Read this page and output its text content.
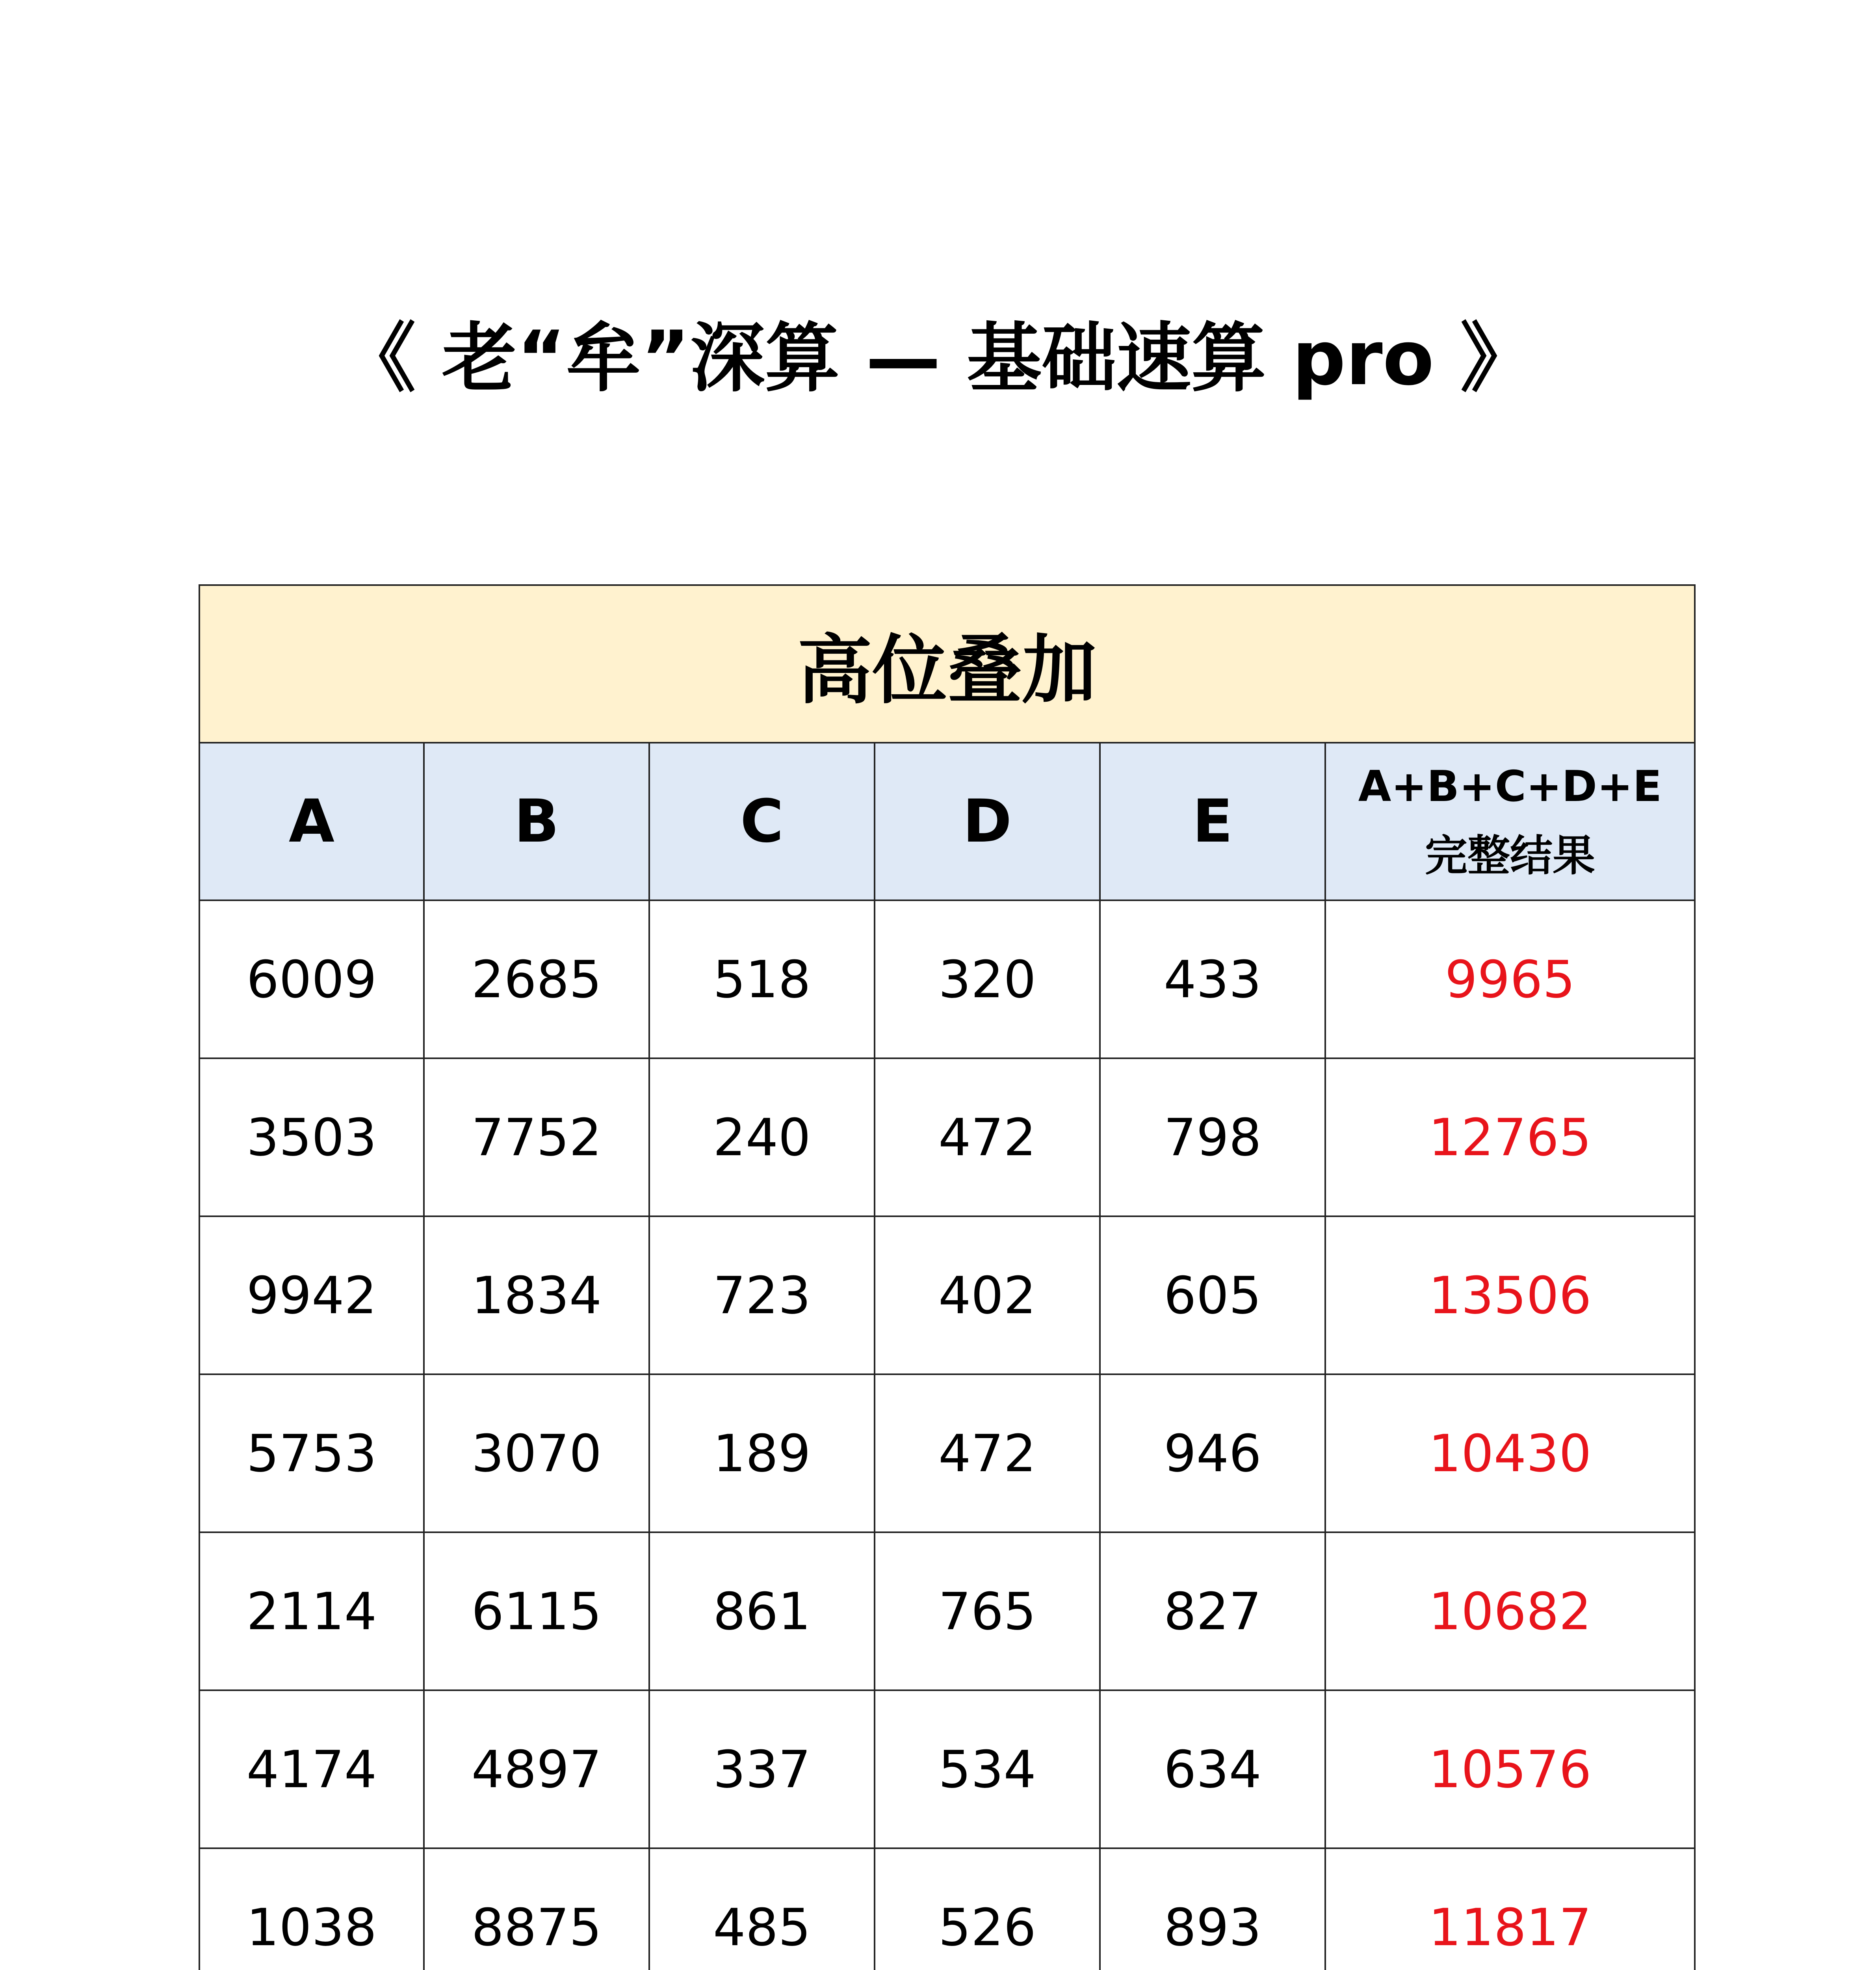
《 老“牟”深算 — 基础速算 pro 》
高位叠加					
A	B	C	D	E	A+B+C+D+E
完整结果

6009	2685	518	320	433	9965
3503	7752	240	472	798	12765
9942	1834	723	402	605	13506
5753	3070	189	472	946	10430
2114	6115	861	765	827	10682
4174	4897	337	534	634	10576
1038	8875	485	526	893	11817
